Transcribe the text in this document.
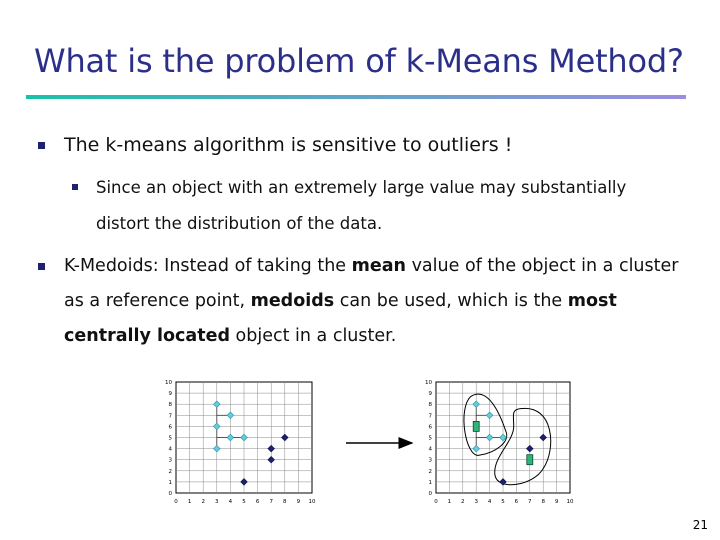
What is the problem of k-Means Method?
The k-means algorithm is sensitive to outliers !
Since an object with an extremely large value may substantially
distort the distribution of the data.
K-Medoids: Instead of taking the mean value of the object in a cluster
as a reference point, medoids can be used, which is the most
centrally located object in a cluster.
0 1 2 3 4 5 6 7 8 9 10
0
1
2
3
4
5
6
7
8
9
10
0 1 2 3 4 5 6 7 8 9 10
0
1
2
3
4
5
6
7
8
9
10
21
